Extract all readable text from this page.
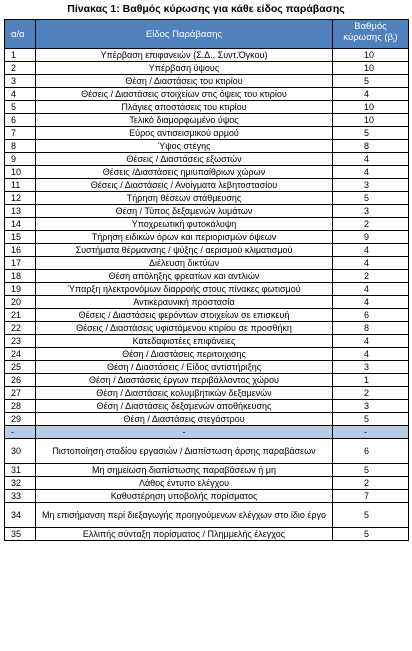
Πίνακας 1: Βαθμός κύρωσης για κάθε είδος παράβασης
α/α	Είδος Παράβασης	Βαθμός
κύρωσης $(\beta_i)$
1	Υπέρβαση επιφανειών (Σ.Δ., Συντ.Όγκου)	10
2	Υπέρβαση ύψους	10
3	Θέση / Διαστάσεις του κτιρίου	5
4	Θέσεις / Διαστάσεις στοιχείων στις όψεις του κτιρίου	4
5	Πλάγιες αποστάσεις του κτιρίου	10
6	Τελικό διαμορφωμένο ύψος	10
7	Εύρος αντισεισμικού αρμού	5
8	Ύψος στέγης	8
9	Θέσεις / Διαστάσεις εξωστών	4
10	Θέσεις /Διαστάσεις ημιυπαίθριων χώρων	4
11	Θέσεις / Διαστάσεις / Ανοίγματα λεβητοστασίου	3
12	Τήρηση θέσεων στάθμευσης	5
13	Θέση / Τύπος δεξαμενών λυμάτων	3
14	Υποχρεωτική φυτοκάλυψη	2
15	Τήρηση ειδικών όρων και περιορισμών όψεων	9
16	Συστήματα θέρμανσης / ψύξης / αερισμού κλιματισμού	4
17	Διέλευση δικτύων	4
18	Θέση απόληξης φρεατίων και αντλιών	2
19	Ύπαρξη ηλεκτρονόμων διαρροής στους πίνακες φωτισμού	4
20	Αντικεραυνική προστασία	4
21	Θέσεις / Διαστάσεις φερόντων στοιχείων σε επισκευή	6
22	Θέσεις / Διαστάσεις υφιστάμενου κτιρίου σε προσθήκη	8
23	Κατεδαφιστέες επιφάνειες	4
24	Θέση / Διαστάσεις περιτοιχισης	4
25	Θέση / Διαστάσεις / Είδος αντιστήριξης	3
26	Θέση / Διαστάσεις έργων περιβάλλοντος χώρου	1
27	Θέση / Διαστάσεις κολυμβητικών δεξαμενών	2
28	Θέση / Διαστάσεις δεξαμενών αποθήκευσης	3
29	Θέση / Διαστάσεις στεγάστρου	5
-	-	-
30	Πιστοποίηση σταδίου εργασιών / Διαπίστωση άρσης παραβάσεων	6
31	Μη σημείωση διαπίστωσης παραβάσεων ή μη	5
32	Λάθος έντυπο ελέγχου	2
33	Καθυστέρηση υποβολής πορίσματος	7
34	Μη επισήμανση περί διεξαγωγής προηγούμενων ελέγχων στο ίδιο έργο	5
35	Ελλιπής σύνταξη πορίσματος / Πλημμελής έλεγχος	5
